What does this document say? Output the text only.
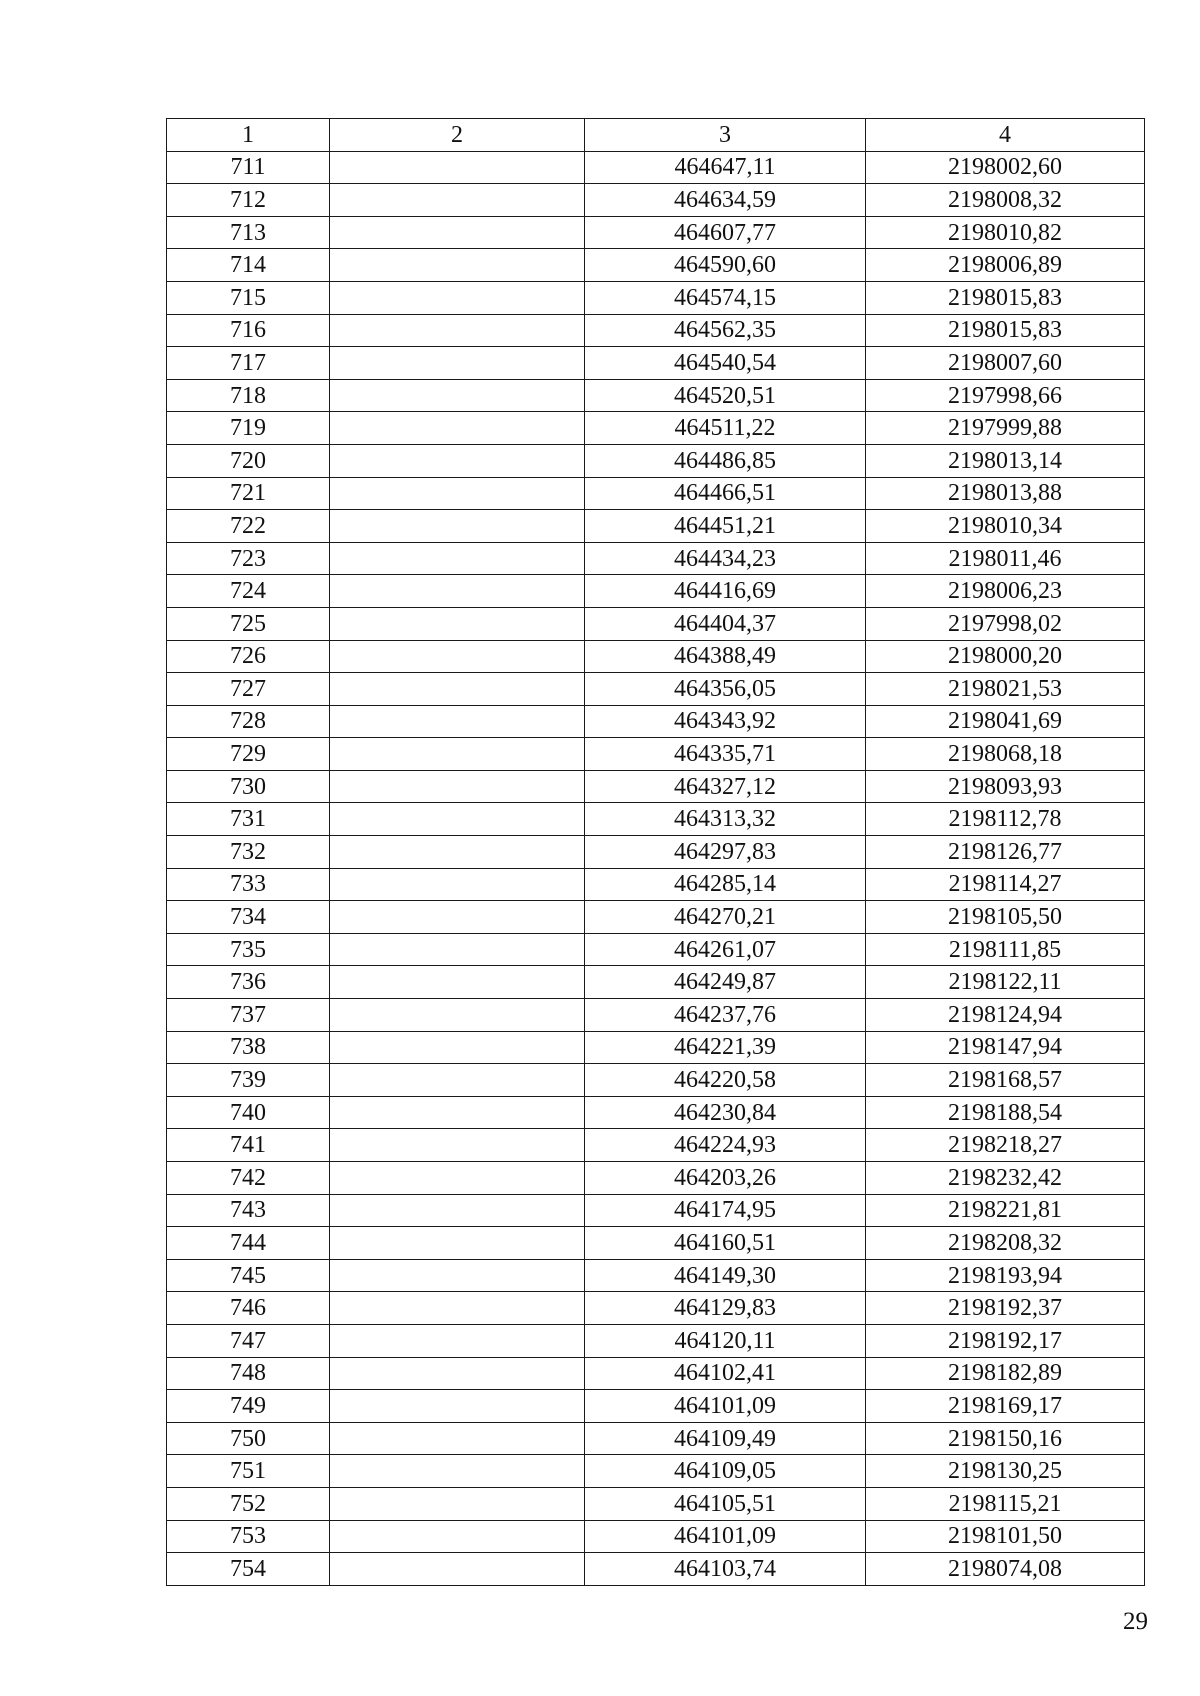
1	2	3	4
711		464647,11	2198002,60
712		464634,59	2198008,32
713		464607,77	2198010,82
714		464590,60	2198006,89
715		464574,15	2198015,83
716		464562,35	2198015,83
717		464540,54	2198007,60
718		464520,51	2197998,66
719		464511,22	2197999,88
720		464486,85	2198013,14
721		464466,51	2198013,88
722		464451,21	2198010,34
723		464434,23	2198011,46
724		464416,69	2198006,23
725		464404,37	2197998,02
726		464388,49	2198000,20
727		464356,05	2198021,53
728		464343,92	2198041,69
729		464335,71	2198068,18
730		464327,12	2198093,93
731		464313,32	2198112,78
732		464297,83	2198126,77
733		464285,14	2198114,27
734		464270,21	2198105,50
735		464261,07	2198111,85
736		464249,87	2198122,11
737		464237,76	2198124,94
738		464221,39	2198147,94
739		464220,58	2198168,57
740		464230,84	2198188,54
741		464224,93	2198218,27
742		464203,26	2198232,42
743		464174,95	2198221,81
744		464160,51	2198208,32
745		464149,30	2198193,94
746		464129,83	2198192,37
747		464120,11	2198192,17
748		464102,41	2198182,89
749		464101,09	2198169,17
750		464109,49	2198150,16
751		464109,05	2198130,25
752		464105,51	2198115,21
753		464101,09	2198101,50
754		464103,74	2198074,08
29
